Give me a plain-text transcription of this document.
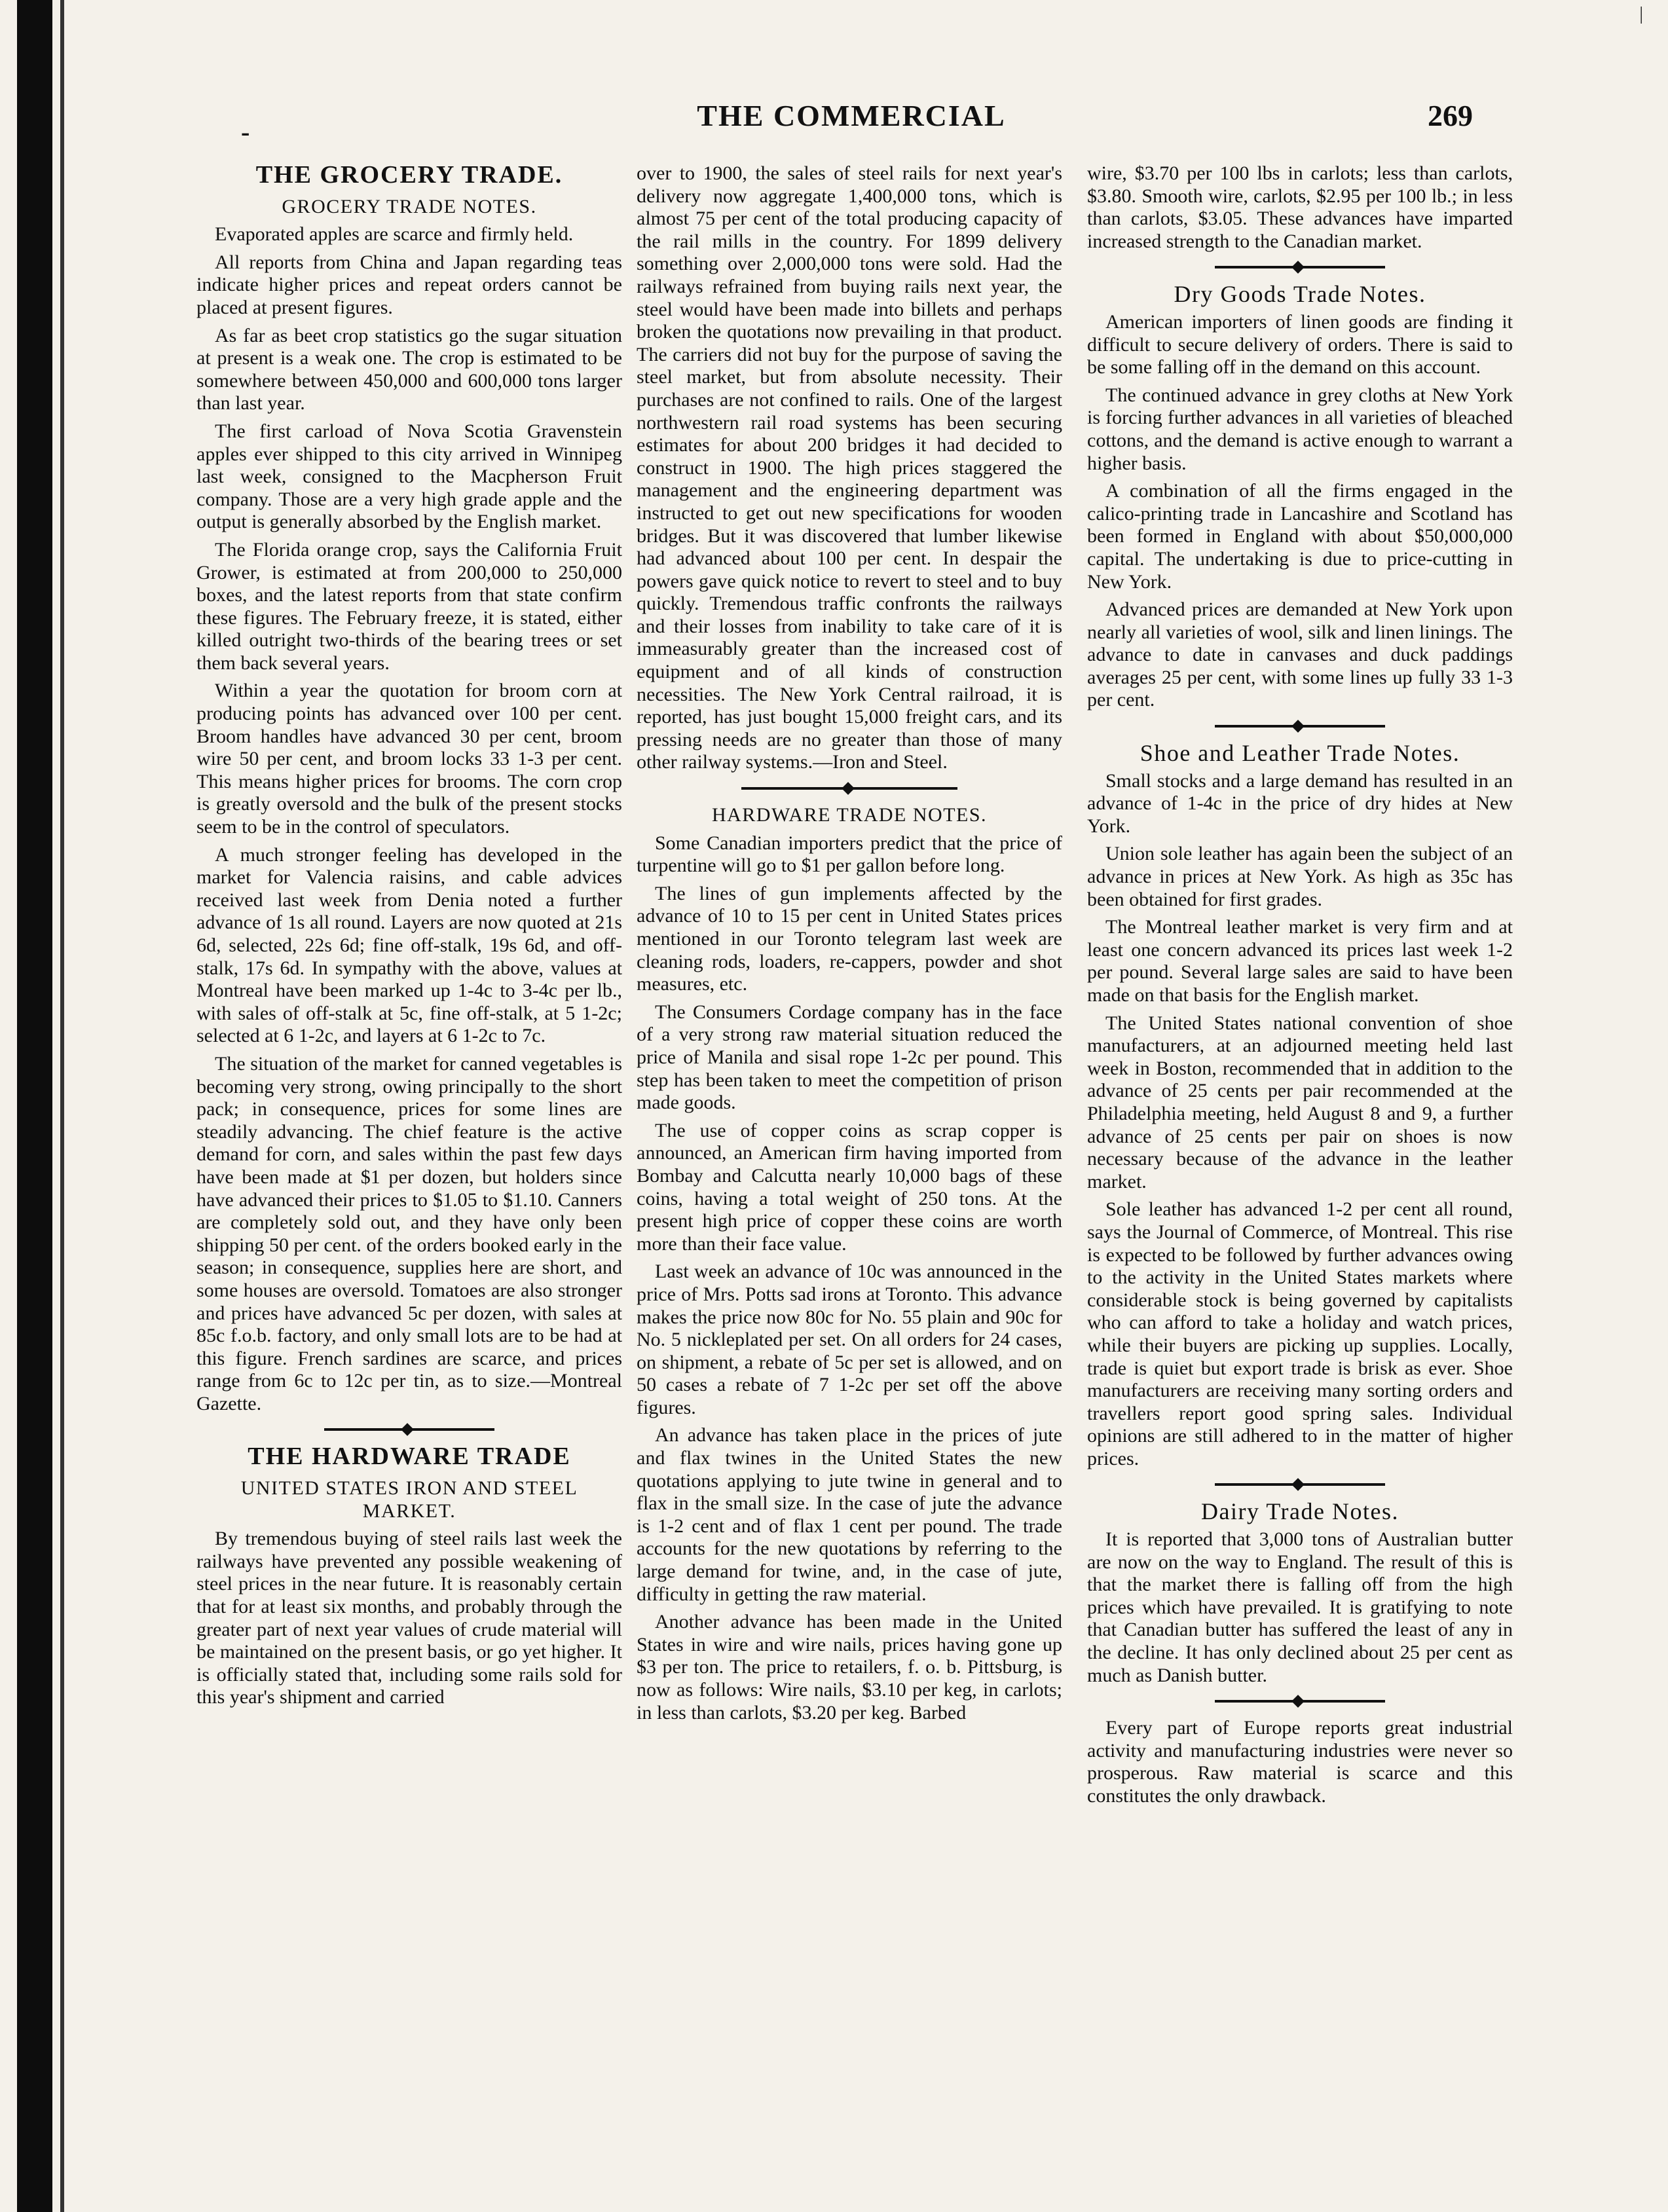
-	THE COMMERCIAL	269
|
THE GROCERY TRADE.
GROCERY TRADE NOTES.

Evaporated apples are scarce and firmly held.

All reports from China and Japan regarding teas indicate higher prices and repeat orders cannot be placed at present figures.

As far as beet crop statistics go the sugar situation at present is a weak one. The crop is estimated to be somewhere between 450,000 and 600,000 tons larger than last year.

The first carload of Nova Scotia Gravenstein apples ever shipped to this city arrived in Winnipeg last week, consigned to the Macpherson Fruit company. Those are a very high grade apple and the output is generally absorbed by the English market.

The Florida orange crop, says the California Fruit Grower, is estimated at from 200,000 to 250,000 boxes, and the latest reports from that state confirm these figures. The February freeze, it is stated, either killed outright two-thirds of the bearing trees or set them back several years.

Within a year the quotation for broom corn at producing points has advanced over 100 per cent. Broom handles have advanced 30 per cent, broom wire 50 per cent, and broom locks 33 1-3 per cent. This means higher prices for brooms. The corn crop is greatly oversold and the bulk of the present stocks seem to be in the control of speculators.

A much stronger feeling has developed in the market for Valencia raisins, and cable advices received last week from Denia noted a further advance of 1s all round. Layers are now quoted at 21s 6d, selected, 22s 6d; fine off-stalk, 19s 6d, and off-stalk, 17s 6d. In sympathy with the above, values at Montreal have been marked up 1-4c to 3-4c per lb., with sales of off-stalk at 5c, fine off-stalk, at 5 1-2c; selected at 6 1-2c, and layers at 6 1-2c to 7c.

The situation of the market for canned vegetables is becoming very strong, owing principally to the short pack; in consequence, prices for some lines are steadily advancing. The chief feature is the active demand for corn, and sales within the past few days have been made at $1 per dozen, but holders since have advanced their prices to $1.05 to $1.10. Canners are completely sold out, and they have only been shipping 50 per cent. of the orders booked early in the season; in consequence, supplies here are short, and some houses are oversold. Tomatoes are also stronger and prices have advanced 5c per dozen, with sales at 85c f.o.b. factory, and only small lots are to be had at this figure. French sardines are scarce, and prices range from 6c to 12c per tin, as to size.—Montreal Gazette.

THE HARDWARE TRADE
UNITED STATES IRON AND STEEL MARKET.

By tremendous buying of steel rails last week the railways have prevented any possible weakening of steel prices in the near future. It is reasonably certain that for at least six months, and probably through the greater part of next year values of crude material will be maintained on the present basis, or go yet higher. It is officially stated that, including some rails sold for this year's shipment and carried

over to 1900, the sales of steel rails for next year's delivery now aggregate 1,400,000 tons, which is almost 75 per cent of the total producing capacity of the rail mills in the country. For 1899 delivery something over 2,000,000 tons were sold. Had the railways refrained from buying rails next year, the steel would have been made into billets and perhaps broken the quotations now prevailing in that product. The carriers did not buy for the purpose of saving the steel market, but from absolute necessity. Their purchases are not confined to rails. One of the largest northwestern rail road systems has been securing estimates for about 200 bridges it had decided to construct in 1900. The high prices staggered the management and the engineering department was instructed to get out new specifications for wooden bridges. But it was discovered that lumber likewise had advanced about 100 per cent. In despair the powers gave quick notice to revert to steel and to buy quickly. Tremendous traffic confronts the railways and their losses from inability to take care of it is immeasurably greater than the increased cost of equipment and of all kinds of construction necessities. The New York Central railroad, it is reported, has just bought 15,000 freight cars, and its pressing needs are no greater than those of many other railway systems.—Iron and Steel.

HARDWARE TRADE NOTES.

Some Canadian importers predict that the price of turpentine will go to $1 per gallon before long.

The lines of gun implements affected by the advance of 10 to 15 per cent in United States prices mentioned in our Toronto telegram last week are cleaning rods, loaders, re-cappers, powder and shot measures, etc.

The Consumers Cordage company has in the face of a very strong raw material situation reduced the price of Manila and sisal rope 1-2c per pound. This step has been taken to meet the competition of prison made goods.

The use of copper coins as scrap copper is announced, an American firm having imported from Bombay and Calcutta nearly 10,000 bags of these coins, having a total weight of 250 tons. At the present high price of copper these coins are worth more than their face value.

Last week an advance of 10c was announced in the price of Mrs. Potts sad irons at Toronto. This advance makes the price now 80c for No. 55 plain and 90c for No. 5 nickleplated per set. On all orders for 24 cases, on shipment, a rebate of 5c per set is allowed, and on 50 cases a rebate of 7 1-2c per set off the above figures.

An advance has taken place in the prices of jute and flax twines in the United States the new quotations applying to jute twine in general and to flax in the small size. In the case of jute the advance is 1-2 cent and of flax 1 cent per pound. The trade accounts for the new quotations by referring to the large demand for twine, and, in the case of jute, difficulty in getting the raw material.

Another advance has been made in the United States in wire and wire nails, prices having gone up $3 per ton. The price to retailers, f. o. b. Pittsburg, is now as follows: Wire nails, $3.10 per keg, in carlots; in less than carlots, $3.20 per keg. Barbed

wire, $3.70 per 100 lbs in carlots; less than carlots, $3.80. Smooth wire, carlots, $2.95 per 100 lb.; in less than carlots, $3.05. These advances have imparted increased strength to the Canadian market.

Dry Goods Trade Notes.

American importers of linen goods are finding it difficult to secure delivery of orders. There is said to be some falling off in the demand on this account.

The continued advance in grey cloths at New York is forcing further advances in all varieties of bleached cottons, and the demand is active enough to warrant a higher basis.

A combination of all the firms engaged in the calico-printing trade in Lancashire and Scotland has been formed in England with about $50,000,000 capital. The undertaking is due to price-cutting in New York.

Advanced prices are demanded at New York upon nearly all varieties of wool, silk and linen linings. The advance to date in canvases and duck paddings averages 25 per cent, with some lines up fully 33 1-3 per cent.

Shoe and Leather Trade Notes.

Small stocks and a large demand has resulted in an advance of 1-4c in the price of dry hides at New York.

Union sole leather has again been the subject of an advance in prices at New York. As high as 35c has been obtained for first grades.

The Montreal leather market is very firm and at least one concern advanced its prices last week 1-2 per pound. Several large sales are said to have been made on that basis for the English market.

The United States national convention of shoe manufacturers, at an adjourned meeting held last week in Boston, recommended that in addition to the advance of 25 cents per pair recommended at the Philadelphia meeting, held August 8 and 9, a further advance of 25 cents per pair on shoes is now necessary because of the advance in the leather market.

Sole leather has advanced 1-2 per cent all round, says the Journal of Commerce, of Montreal. This rise is expected to be followed by further advances owing to the activity in the United States markets where considerable stock is being governed by capitalists who can afford to take a holiday and watch prices, while their buyers are picking up supplies. Locally, trade is quiet but export trade is brisk as ever. Shoe manufacturers are receiving many sorting orders and travellers report good spring sales. Individual opinions are still adhered to in the matter of higher prices.

Dairy Trade Notes.

It is reported that 3,000 tons of Australian butter are now on the way to England. The result of this is that the market there is falling off from the high prices which have prevailed. It is gratifying to note that Canadian butter has suffered the least of any in the decline. It has only declined about 25 per cent as much as Danish butter.

Every part of Europe reports great industrial activity and manufacturing industries were never so prosperous. Raw material is scarce and this constitutes the only drawback.
